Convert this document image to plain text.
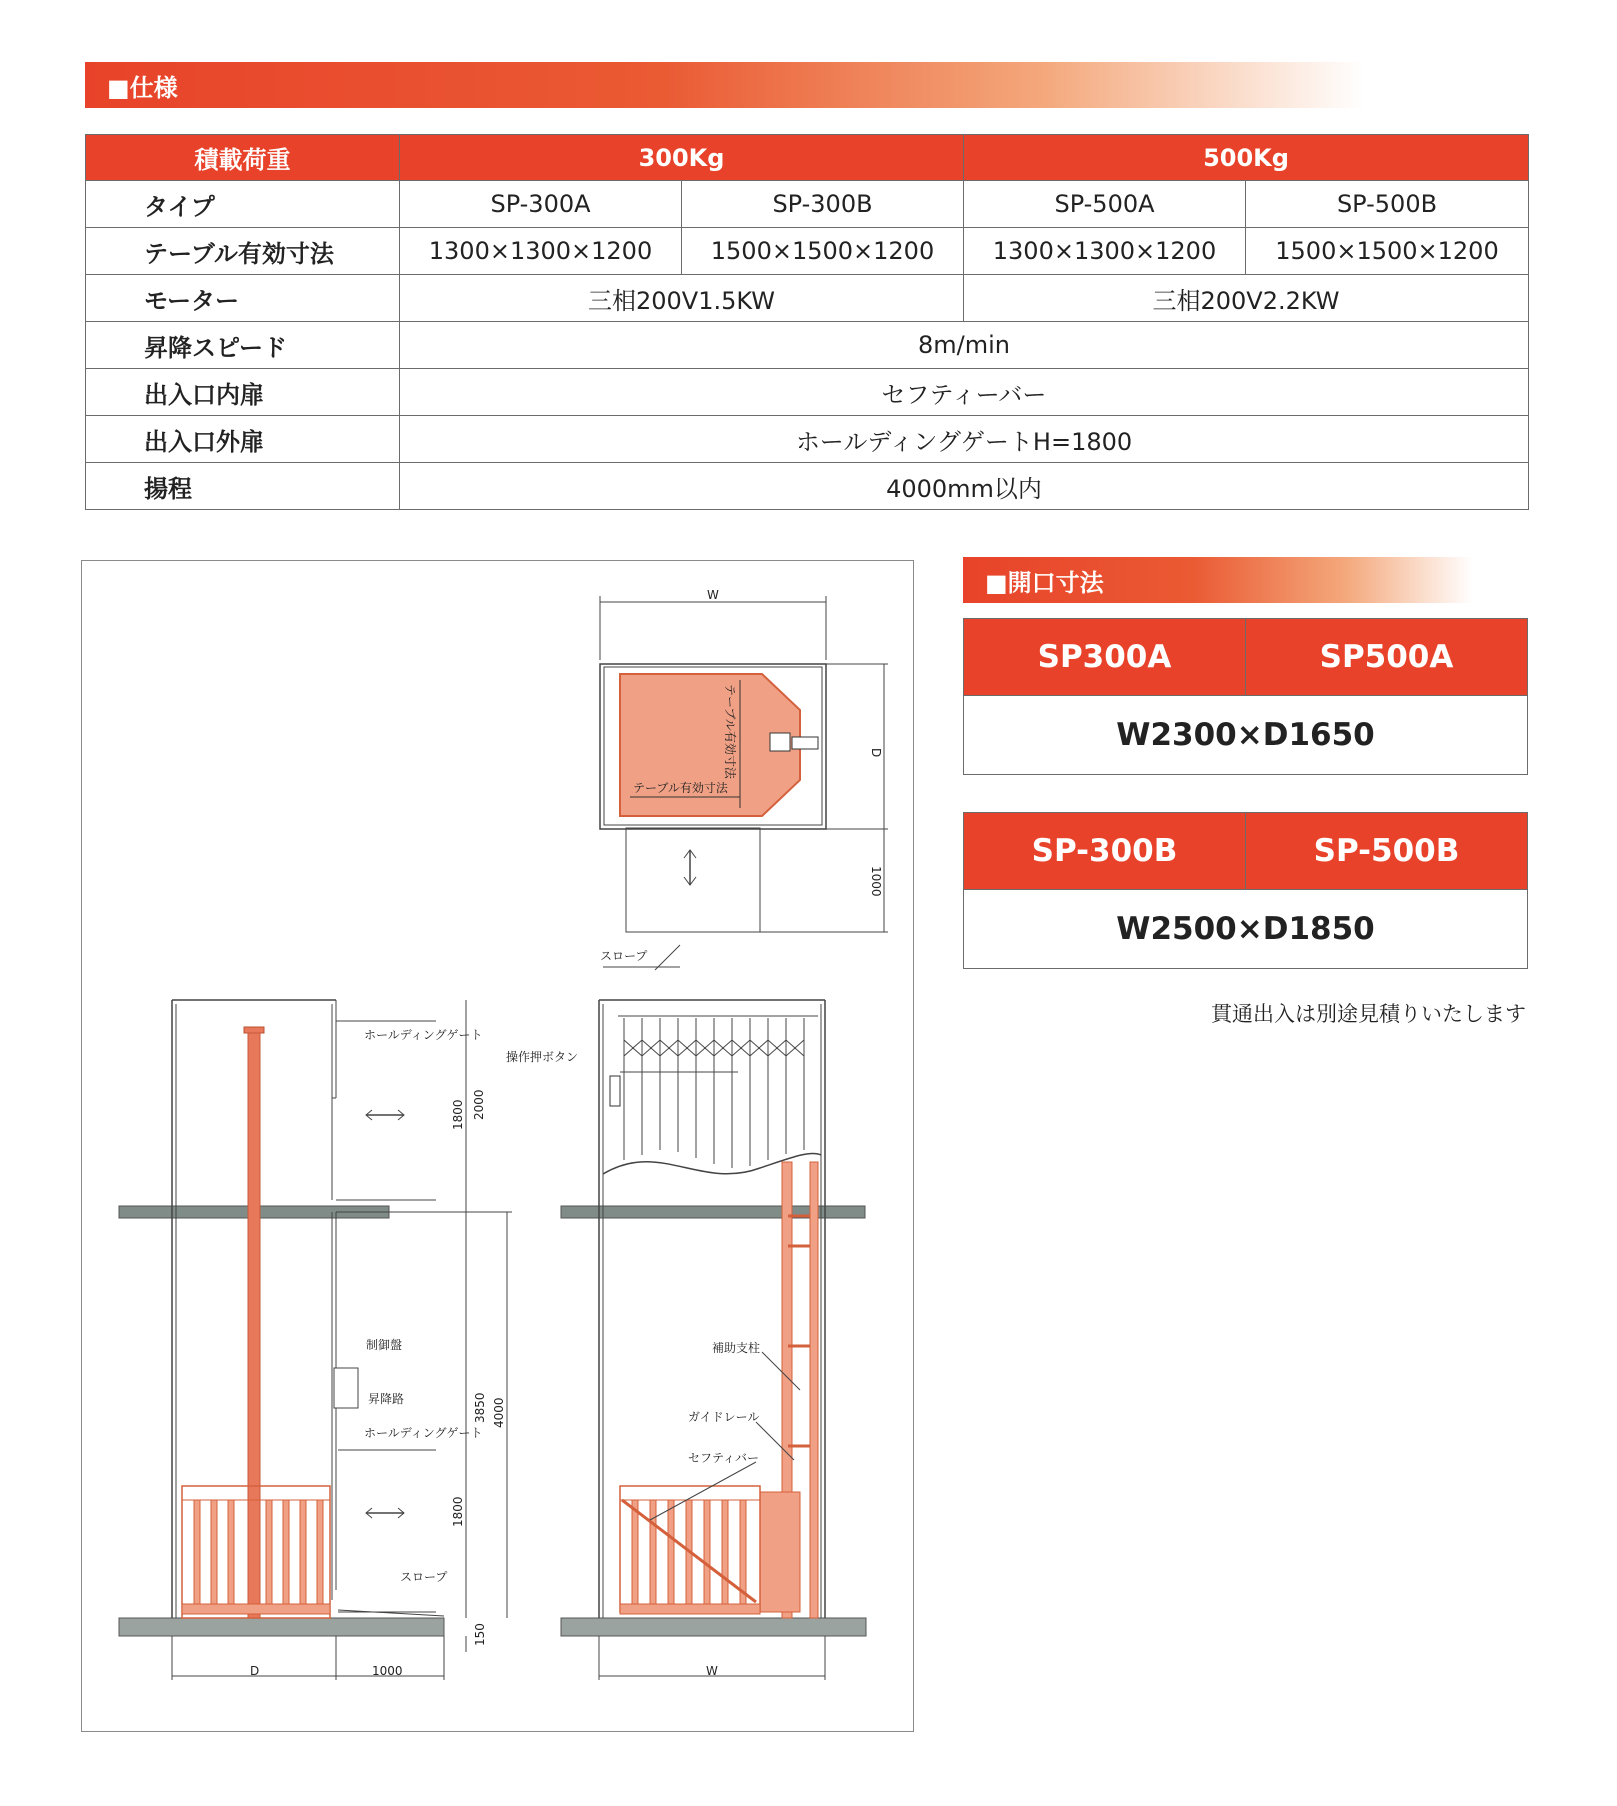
■仕様
積載荷重	300Kg		500Kg	
タイプ	SP-300A	SP-300B	SP-500A	SP-500B
テーブル有効寸法	1300×1300×1200	1500×1500×1200	1300×1300×1200	1500×1500×1200
モーター	三相200V1.5KW		三相200V2.2KW	
昇降スピード	8m/min			
出入口内扉	セフティーバー			
出入口外扉	ホールディングゲートH=1800			
揚程	4000mm以内			
■開口寸法
SP300A	SP500A
W2300×D1650
SP-300B	SP-500B
W2500×D1850
貫通出入は別途見積りいたします
W
D
1000
テーブル有効寸法
テーブル有効寸法
スロープ
ホールディングゲート
昇降路
制御盤
ホールディングゲート
スロープ
1800 2000
3850 4000
1800
150
D	1000
操作押ボタン
補助支柱
ガイドレール
セフティバー
W
